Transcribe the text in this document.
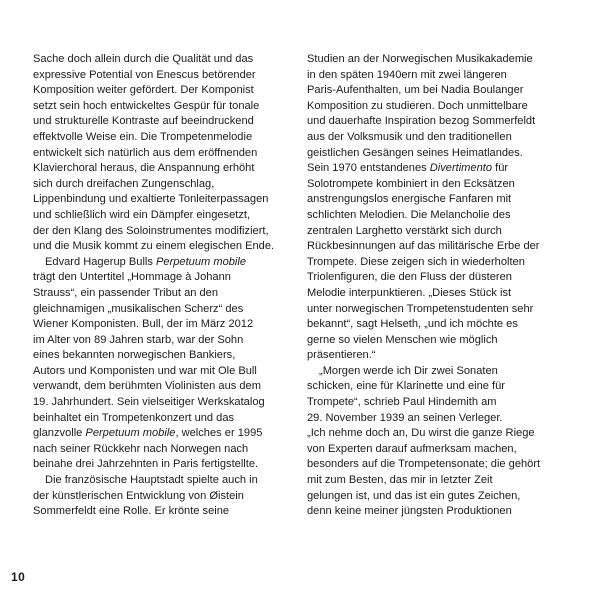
Sache doch allein durch die Qualität und das
expressive Potential von Enescus betörender
Komposition weiter gefördert. Der Komponist
setzt sein hoch entwickeltes Gespür für tonale
und strukturelle Kontraste auf beeindruckend
effektvolle Weise ein. Die Trompetenmelodie
entwickelt sich natürlich aus dem eröffnenden
Klavierchoral heraus, die Anspannung erhöht
sich durch dreifachen Zungenschlag,
Lippenbindung und exaltierte Tonleiterpassagen
und schließlich wird ein Dämpfer eingesetzt,
der den Klang des Soloinstrumentes modifiziert,
und die Musik kommt zu einem elegischen Ende.

Edvard Hagerup Bulls Perpetuum mobile
trägt den Untertitel „Hommage à Johann
Strauss“, ein passender Tribut an den
gleichnamigen „musikalischen Scherz“ des
Wiener Komponisten. Bull, der im März 2012
im Alter von 89 Jahren starb, war der Sohn
eines bekannten norwegischen Bankiers,
Autors und Komponisten und war mit Ole Bull
verwandt, dem berühmten Violinisten aus dem
19. Jahrhundert. Sein vielseitiger Werkskatalog
beinhaltet ein Trompetenkonzert und das
glanzvolle Perpetuum mobile, welches er 1995
nach seiner Rückkehr nach Norwegen nach
beinahe drei Jahrzehnten in Paris fertigstellte.

Die französische Hauptstadt spielte auch in
der künstlerischen Entwicklung von Øistein
Sommerfeldt eine Rolle. Er krönte seine

Studien an der Norwegischen Musikakademie
in den späten 1940ern mit zwei längeren
Paris-Aufenthalten, um bei Nadia Boulanger
Komposition zu studieren. Doch unmittelbare
und dauerhafte Inspiration bezog Sommerfeldt
aus der Volksmusik und den traditionellen
geistlichen Gesängen seines Heimatlandes.
Sein 1970 entstandenes Divertimento für
Solotrompete kombiniert in den Ecksätzen
anstrengungslos energische Fanfaren mit
schlichten Melodien. Die Melancholie des
zentralen Larghetto verstärkt sich durch
Rückbesinnungen auf das militärische Erbe der
Trompete. Diese zeigen sich in wiederholten
Triolenfiguren, die den Fluss der düsteren
Melodie interpunktieren. „Dieses Stück ist
unter norwegischen Trompetenstudenten sehr
bekannt“, sagt Helseth, „und ich möchte es
gerne so vielen Menschen wie möglich
präsentieren.“

„Morgen werde ich Dir zwei Sonaten
schicken, eine für Klarinette und eine für
Trompete“, schrieb Paul Hindemith am
29. November 1939 an seinen Verleger.
„Ich nehme doch an, Du wirst die ganze Riege
von Experten darauf aufmerksam machen,
besonders auf die Trompetensonate; die gehört
mit zum Besten, das mir in letzter Zeit
gelungen ist, und das ist ein gutes Zeichen,
denn keine meiner jüngsten Produktionen

10
